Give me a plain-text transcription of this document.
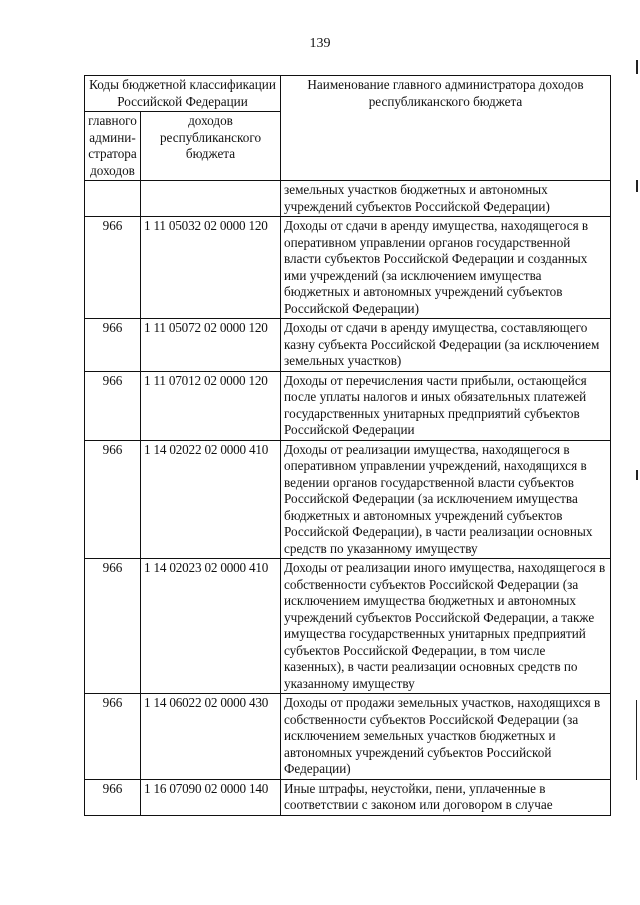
139
Коды бюджетной классификации Российской Федерации		Наименование главного администратора доходов республиканского бюджета
главного админи-стратора доходов	доходов республиканского бюджета	
		земельных участков бюджетных и автономных учреждений субъектов Российской Федерации)
966	1 11 05032 02 0000 120	Доходы от сдачи в аренду имущества, находящегося в оперативном управлении органов государственной власти субъектов Российской Федерации и созданных ими учреждений (за исключением имущества бюджетных и автономных учреждений субъектов Российской Федерации)
966	1 11 05072 02 0000 120	Доходы от сдачи в аренду имущества, составляющего казну субъекта Российской Федерации (за исключением земельных участков)
966	1 11 07012 02 0000 120	Доходы от перечисления части прибыли, остающейся после уплаты налогов и иных обязательных платежей государственных унитарных предприятий субъектов Российской Федерации
966	1 14 02022 02 0000 410	Доходы от реализации имущества, находящегося в оперативном управлении учреждений, находящихся в ведении органов государственной власти субъектов Российской Федерации (за исключением имущества бюджетных и автономных учреждений субъектов Российской Федерации), в части реализации основных средств по указанному имуществу
966	1 14 02023 02 0000 410	Доходы от реализации иного имущества, находящегося в собственности субъектов Российской Федерации (за исключением имущества бюджетных и автономных учреждений субъектов Российской Федерации, а также имущества государственных унитарных предприятий субъектов Российской Федерации, в том числе казенных), в части реализации основных средств по указанному имуществу
966	1 14 06022 02 0000 430	Доходы от продажи земельных участков, находящихся в собственности субъектов Российской Федерации (за исключением земельных участков бюджетных и автономных учреждений субъектов Российской Федерации)
966	1 16 07090 02 0000 140	Иные штрафы, неустойки, пени, уплаченные в соответствии с законом или договором в случае
